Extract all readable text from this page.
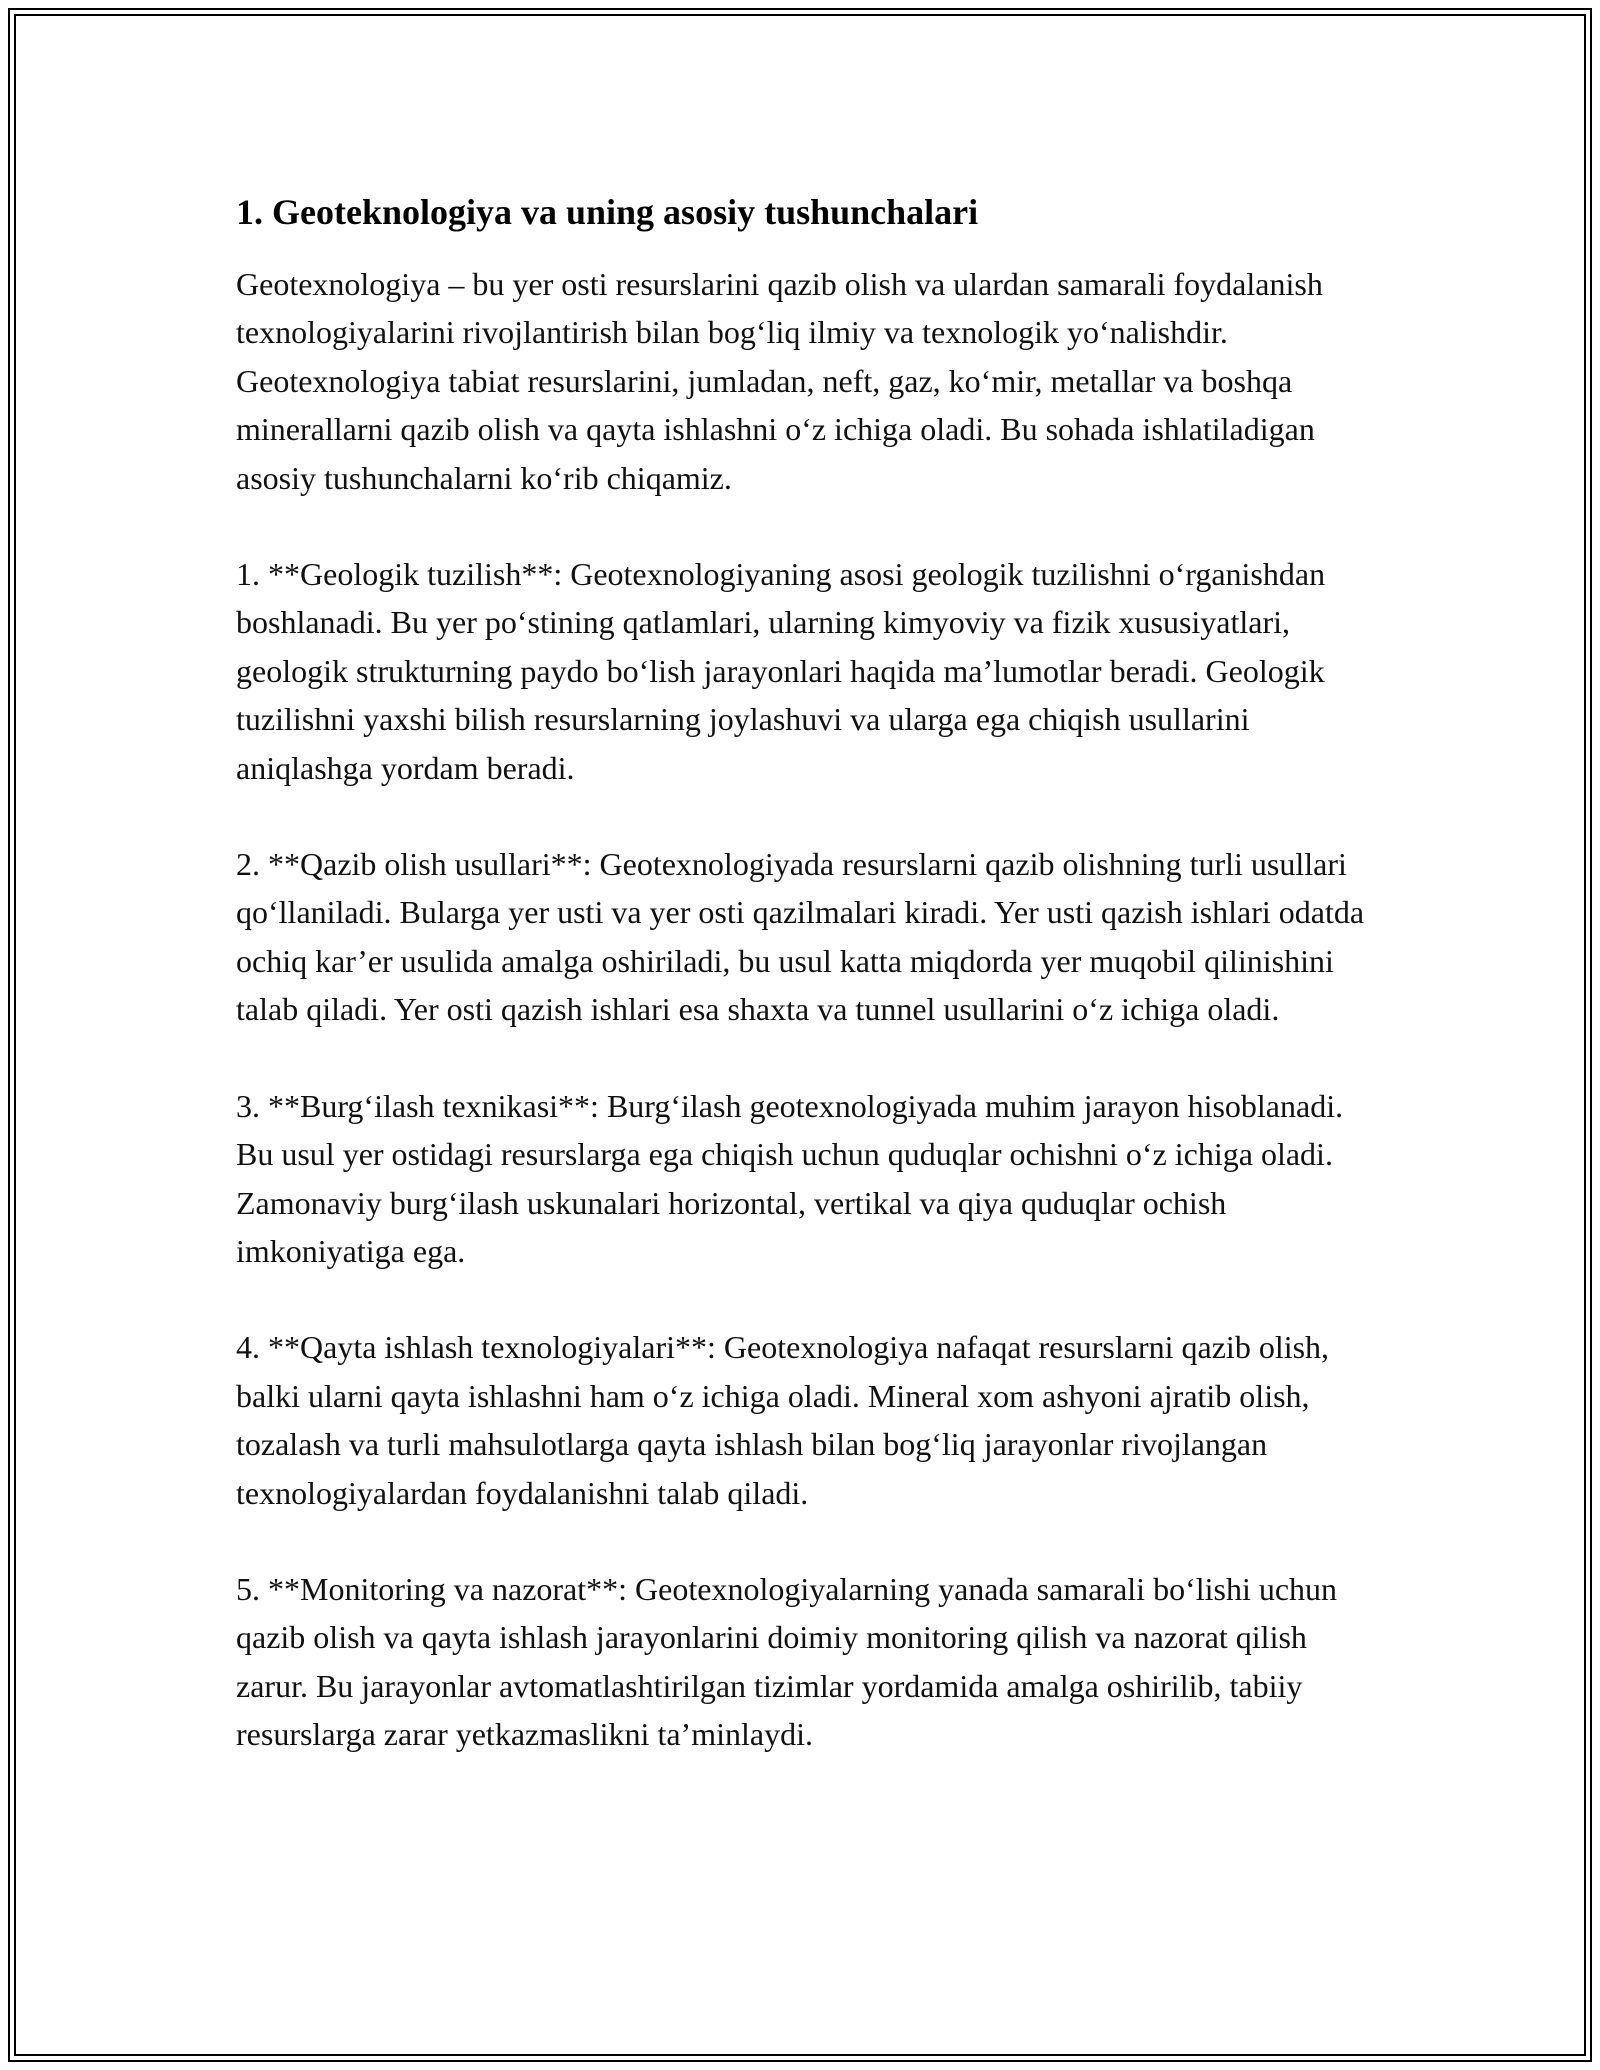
1. Geoteknologiya va uning asosiy tushunchalari

Geotexnologiya – bu yer osti resurslarini qazib olish va ulardan samarali foydalanish texnologiyalarini rivojlantirish bilan bog‘liq ilmiy va texnologik yo‘nalishdir. Geotexnologiya tabiat resurslarini, jumladan, neft, gaz, ko‘mir, metallar va boshqa minerallarni qazib olish va qayta ishlashni o‘z ichiga oladi. Bu sohada ishlatiladigan asosiy tushunchalarni ko‘rib chiqamiz.

1. **Geologik tuzilish**: Geotexnologiyaning asosi geologik tuzilishni o‘rganishdan boshlanadi. Bu yer po‘stining qatlamlari, ularning kimyoviy va fizik xususiyatlari, geologik strukturning paydo bo‘lish jarayonlari haqida ma’lumotlar beradi. Geologik tuzilishni yaxshi bilish resurslarning joylashuvi va ularga ega chiqish usullarini aniqlashga yordam beradi.

2. **Qazib olish usullari**: Geotexnologiyada resurslarni qazib olishning turli usullari qo‘llaniladi. Bularga yer usti va yer osti qazilmalari kiradi. Yer usti qazish ishlari odatda ochiq kar’er usulida amalga oshiriladi, bu usul katta miqdorda yer muqobil qilinishini talab qiladi. Yer osti qazish ishlari esa shaxta va tunnel usullarini o‘z ichiga oladi.

3. **Burg‘ilash texnikasi**: Burg‘ilash geotexnologiyada muhim jarayon hisoblanadi. Bu usul yer ostidagi resurslarga ega chiqish uchun quduqlar ochishni o‘z ichiga oladi. Zamonaviy burg‘ilash uskunalari horizontal, vertikal va qiya quduqlar ochish imkoniyatiga ega.

4. **Qayta ishlash texnologiyalari**: Geotexnologiya nafaqat resurslarni qazib olish, balki ularni qayta ishlashni ham o‘z ichiga oladi. Mineral xom ashyoni ajratib olish, tozalash va turli mahsulotlarga qayta ishlash bilan bog‘liq jarayonlar rivojlangan texnologiyalardan foydalanishni talab qiladi.

5. **Monitoring va nazorat**: Geotexnologiyalarning yanada samarali bo‘lishi uchun qazib olish va qayta ishlash jarayonlarini doimiy monitoring qilish va nazorat qilish zarur. Bu jarayonlar avtomatlashtirilgan tizimlar yordamida amalga oshirilib, tabiiy resurslarga zarar yetkazmaslikni ta’minlaydi.
